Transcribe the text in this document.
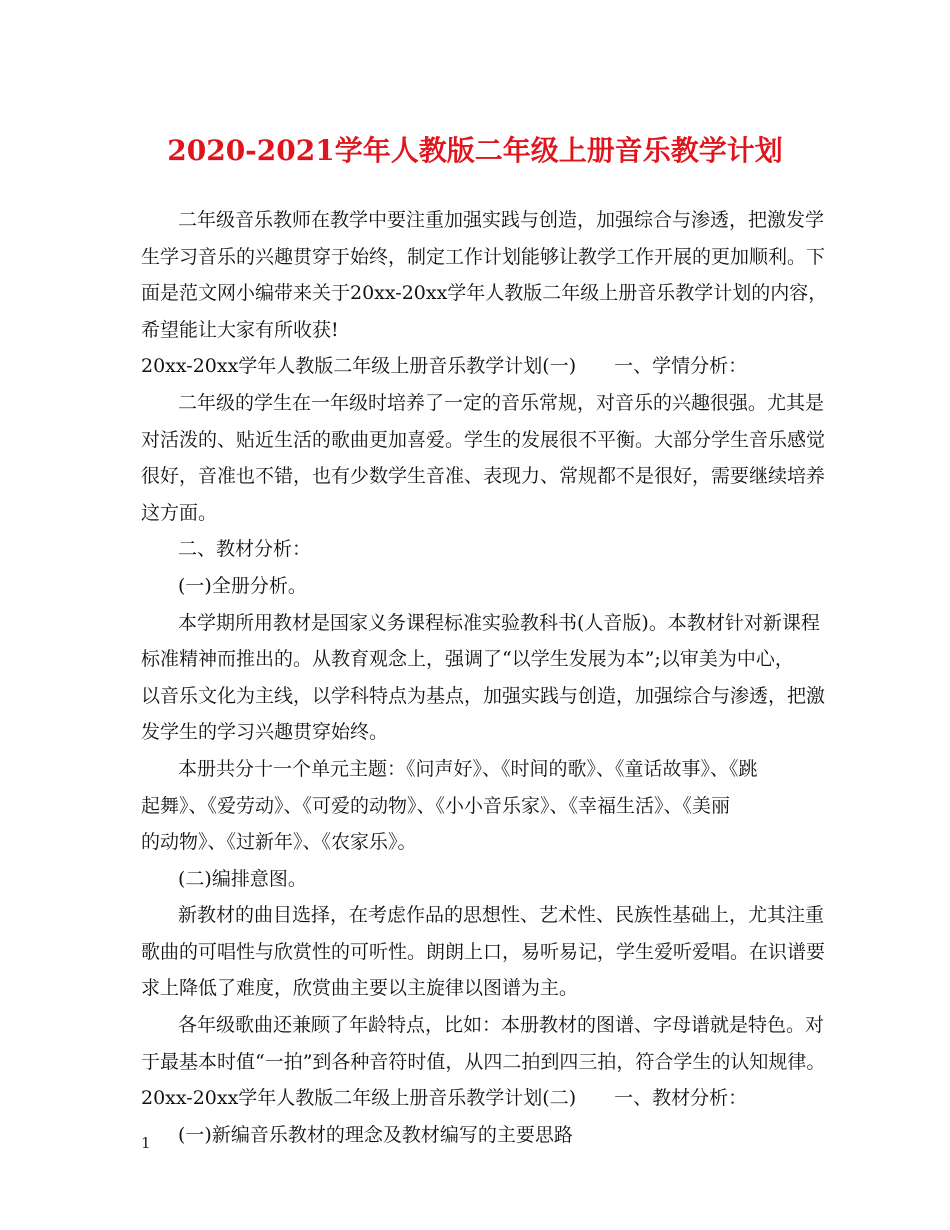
2020-2021学年人教版二年级上册音乐教学计划

二年级音乐教师在教学中要注重加强实践与创造，加强综合与渗透，把激发学

生学习音乐的兴趣贯穿于始终，制定工作计划能够让教学工作开展的更加顺利。下

面是范文网小编带来关于20xx-20xx学年人教版二年级上册音乐教学计划的内容，

希望能让大家有所收获!

20xx-20xx学年人教版二年级上册音乐教学计划(一)　　一、学情分析：

二年级的学生在一年级时培养了一定的音乐常规，对音乐的兴趣很强。尤其是

对活泼的、贴近生活的歌曲更加喜爱。学生的发展很不平衡。大部分学生音乐感觉

很好，音准也不错，也有少数学生音准、表现力、常规都不是很好，需要继续培养

这方面。

二、教材分析：

(一)全册分析。

本学期所用教材是国家义务课程标准实验教科书(人音版)。本教材针对新课程

标准精神而推出的。从教育观念上，强调了“以学生发展为本”;以审美为中心，

以音乐文化为主线，以学科特点为基点，加强实践与创造，加强综合与渗透，把激

发学生的学习兴趣贯穿始终。

本册共分十一个单元主题：《问声好》、《时间的歌》、《童话故事》、《跳

起舞》、《爱劳动》、《可爱的动物》、《小小音乐家》、《幸福生活》、《美丽

的动物》、《过新年》、《农家乐》。

(二)编排意图。

新教材的曲目选择，在考虑作品的思想性、艺术性、民族性基础上，尤其注重

歌曲的可唱性与欣赏性的可听性。朗朗上口，易听易记，学生爱听爱唱。在识谱要

求上降低了难度，欣赏曲主要以主旋律以图谱为主。

各年级歌曲还兼顾了年龄特点，比如：本册教材的图谱、字母谱就是特色。对

于最基本时值“一拍”到各种音符时值，从四二拍到四三拍，符合学生的认知规律。

20xx-20xx学年人教版二年级上册音乐教学计划(二)　　一、教材分析：

(一)新编音乐教材的理念及教材编写的主要思路

1
